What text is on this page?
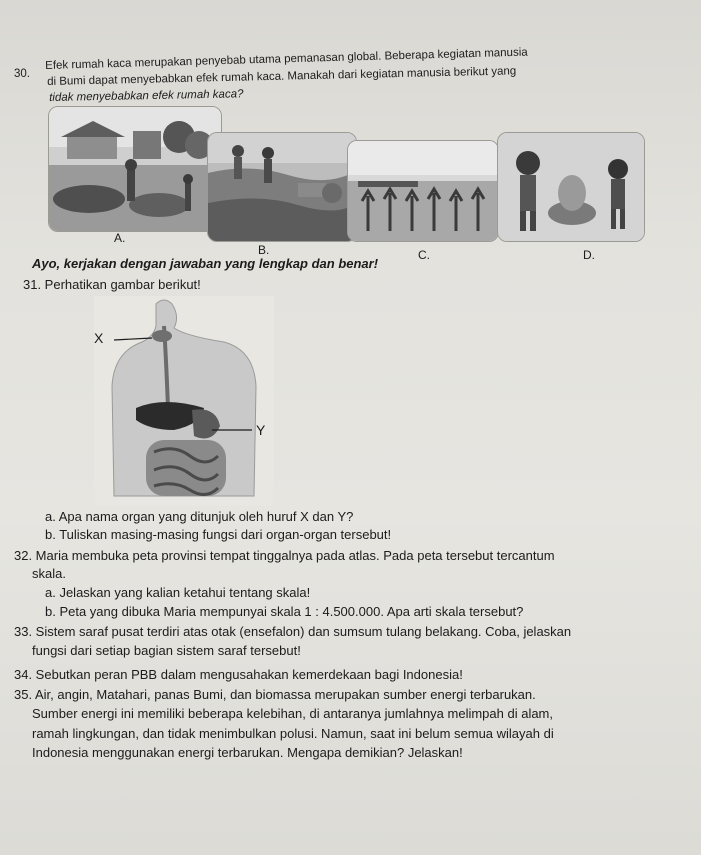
30.
Efek rumah kaca merupakan penyebab utama pemanasan global. Beberapa kegiatan manusia
di Bumi dapat menyebabkan efek rumah kaca. Manakah dari kegiatan manusia berikut yang
tidak menyebabkan efek rumah kaca?
A.
B.	C.	D.
Ayo, kerjakan dengan jawaban yang lengkap dan benar!
31. Perhatikan gambar berikut!
X
Y
a. Apa nama organ yang ditunjuk oleh huruf X dan Y?
b. Tuliskan masing-masing fungsi dari organ-organ tersebut!
32. Maria membuka peta provinsi tempat tinggalnya pada atlas. Pada peta tersebut tercantum
skala.
a. Jelaskan yang kalian ketahui tentang skala!
b. Peta yang dibuka Maria mempunyai skala 1 : 4.500.000. Apa arti skala tersebut?
33. Sistem saraf pusat terdiri atas otak (ensefalon) dan sumsum tulang belakang. Coba, jelaskan
fungsi dari setiap bagian sistem saraf tersebut!
34. Sebutkan peran PBB dalam mengusahakan kemerdekaan bagi Indonesia!
35. Air, angin, Matahari, panas Bumi, dan biomassa merupakan sumber energi terbarukan.
Sumber energi ini memiliki beberapa kelebihan, di antaranya jumlahnya melimpah di alam,
ramah lingkungan, dan tidak menimbulkan polusi. Namun, saat ini belum semua wilayah di
Indonesia menggunakan energi terbarukan. Mengapa demikian? Jelaskan!
